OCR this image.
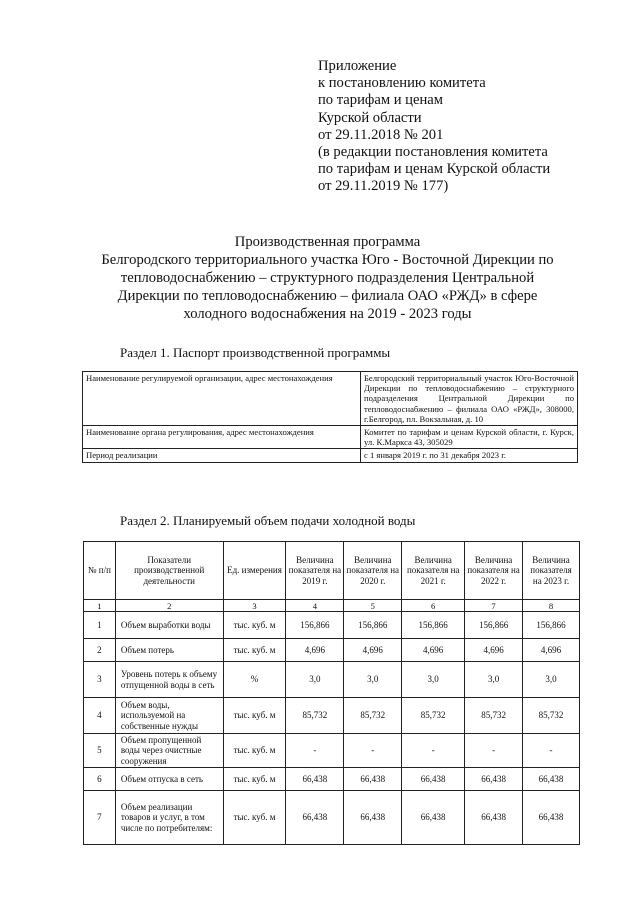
Приложение
к постановлению комитета
по тарифам и ценам
Курской области
от 29.11.2018 № 201
(в редакции постановления комитета
по тарифам и ценам Курской области
от 29.11.2019 № 177)
Производственная программа
Белгородского территориального участка Юго - Восточной Дирекции по
тепловодоснабжению – структурного подразделения Центральной
Дирекции по тепловодоснабжению – филиала ОАО «РЖД» в сфере
холодного водоснабжения на 2019 - 2023 годы
Раздел 1. Паспорт производственной программы
Наименование регулируемой организации, адрес местонахождения	Белгородский территориальный участок Юго-Восточной Дирекции по тепловодоснабжению – структурного подразделения Центральной Дирекции по тепловодоснабжению – филиала ОАО «РЖД», 308000, г.Белгород, пл. Вокзальная, д. 10
Наименование органа регулирования, адрес местонахождения	Комитет по тарифам и ценам Курской области, г. Курск, ул. К.Маркса 43, 305029
Период реализации	с 1 января 2019 г. по 31 декабря 2023 г.
Раздел 2. Планируемый объем подачи холодной воды
№ п/п	Показатели производственной деятельности	Ед. измерения	Величина показателя на 2019 г.	Величина показателя на 2020 г.	Величина показателя на 2021 г.	Величина показателя на 2022 г.	Величина показателя на 2023 г.
1	2	3	4	5	6	7	8
1	Объем выработки воды	тыс. куб. м	156,866	156,866	156,866	156,866	156,866
2	Объем потерь	тыс. куб. м	4,696	4,696	4,696	4,696	4,696
3	Уровень потерь к объему отпущенной воды в сеть	%	3,0	3,0	3,0	3,0	3,0
4	Объем воды, используемой на собственные нужды	тыс. куб. м	85,732	85,732	85,732	85,732	85,732
5	Объем пропущенной воды через очистные сооружения	тыс. куб. м	-	-	-	-	-
6	Объем отпуска в сеть	тыс. куб. м	66,438	66,438	66,438	66,438	66,438
7	Объем реализации товаров и услуг, в том числе по потребителям:	тыс. куб. м	66,438	66,438	66,438	66,438	66,438
